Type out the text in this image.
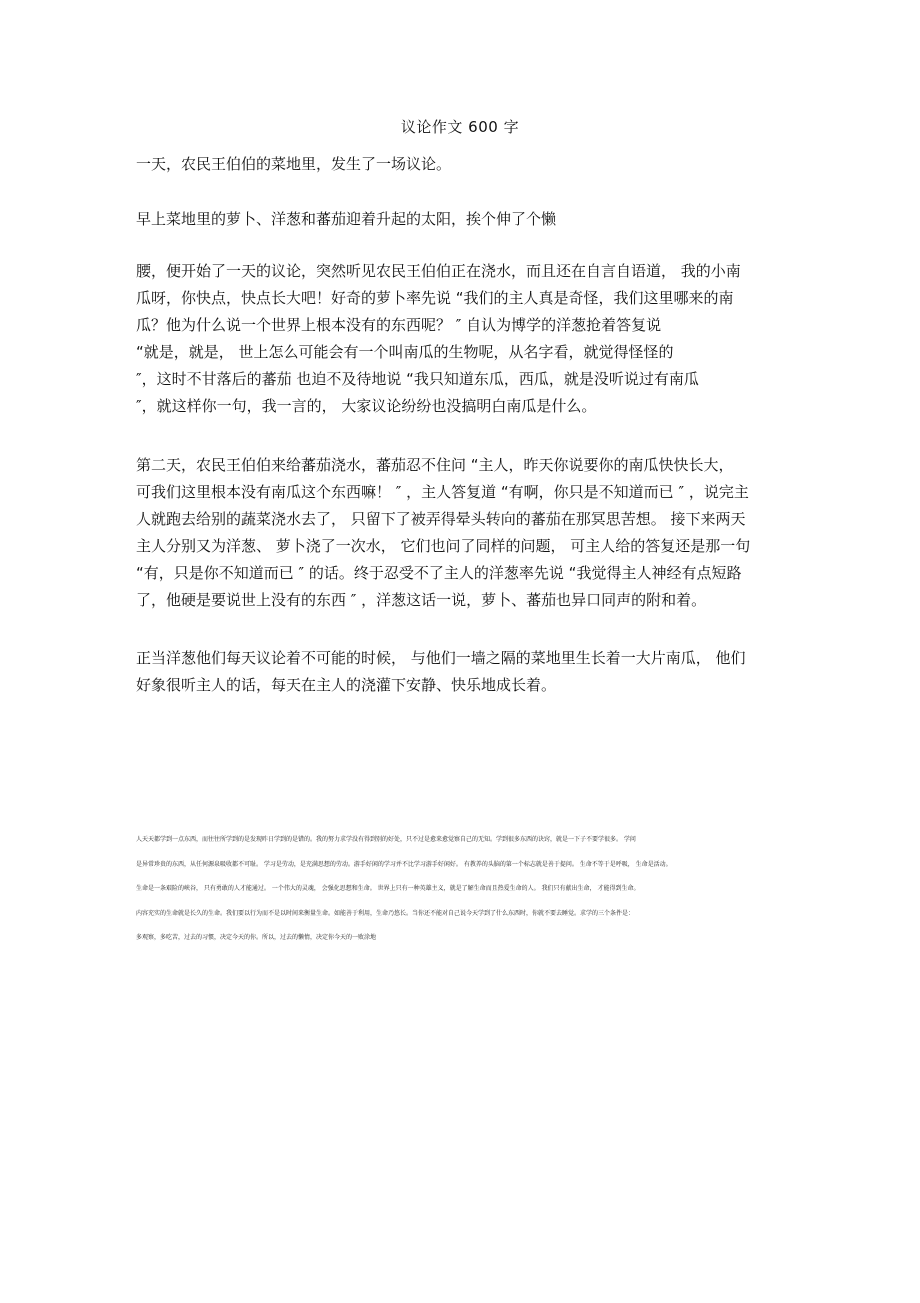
议论作文 600 字

一天，农民王伯伯的菜地里，发生了一场议论。

早上菜地里的萝卜、洋葱和蕃茄迎着升起的太阳，挨个伸了个懒

腰，便开始了一天的议论，突然听见农民王伯伯正在浇水，而且还在自言自语道， 我的小南
瓜呀，你快点，快点长大吧！好奇的萝卜率先说 “我们的主人真是奇怪，我们这里哪来的南
瓜？他为什么说一个世界上根本没有的东西呢？ ″ 自认为博学的洋葱抢着答复说
“就是，就是， 世上怎么可能会有一个叫南瓜的生物呢，从名字看，就觉得怪怪的
″，这时不甘落后的蕃茄 也迫不及待地说 “我只知道东瓜，西瓜，就是没听说过有南瓜
″，就这样你一句，我一言的， 大家议论纷纷也没搞明白南瓜是什么。

第二天，农民王伯伯来给蕃茄浇水，蕃茄忍不住问 “主人，昨天你说要你的南瓜快快长大，
可我们这里根本没有南瓜这个东西嘛！ ″ ，主人答复道 “有啊，你只是不知道而已 ″ ，说完主
人就跑去给别的蔬菜浇水去了， 只留下了被弄得晕头转向的蕃茄在那冥思苦想。 接下来两天
主人分别又为洋葱、 萝卜浇了一次水， 它们也问了同样的问题， 可主人给的答复还是那一句
“有，只是你不知道而已 ″ 的话。终于忍受不了主人的洋葱率先说 “我觉得主人神经有点短路
了，他硬是要说世上没有的东西 ″ ，洋葱这话一说，萝卜、蕃茄也异口同声的附和着。

正当洋葱他们每天议论着不可能的时候， 与他们一墙之隔的菜地里生长着一大片南瓜， 他们
好象很听主人的话，每天在主人的浇灌下安静、快乐地成长着。

人天天都学到一点东西，而往往所学到的是发现昨日学到的是错的。我的努力求学没有得到别的好处，只不过是愈来愈觉察自己的无知。学到很多东西的诀窍，就是一下子不要学很多。 学问
是异常珍贵的东西，从任何源泉吸收都不可耻。 学习是劳动，是充满思想的劳动。游手好闲的学习并不比学习游手好闲好。 有教养的头脑的第一个标志就是善于提问。 生命不等于是呼吸， 生命是活动。
生命是一条艰险的峡谷， 只有勇敢的人才能通过。 一个伟大的灵魂， 会强化思想和生命。 世界上只有一种英雄主义，就是了解生命而且热爱生命的人。 我们只有献出生命， 才能得到生命。
内容充实的生命就是长久的生命。我们要以行为而不是以时间来衡量生命。如能善于利用，生命乃悠长。当你还不能对自己说今天学到了什么东西时，你就不要去睡觉。求学的三个条件是：
多观察，多吃苦，过去的习惯，决定今天的你。所以，过去的懒惰，决定你今天的一败涂地
